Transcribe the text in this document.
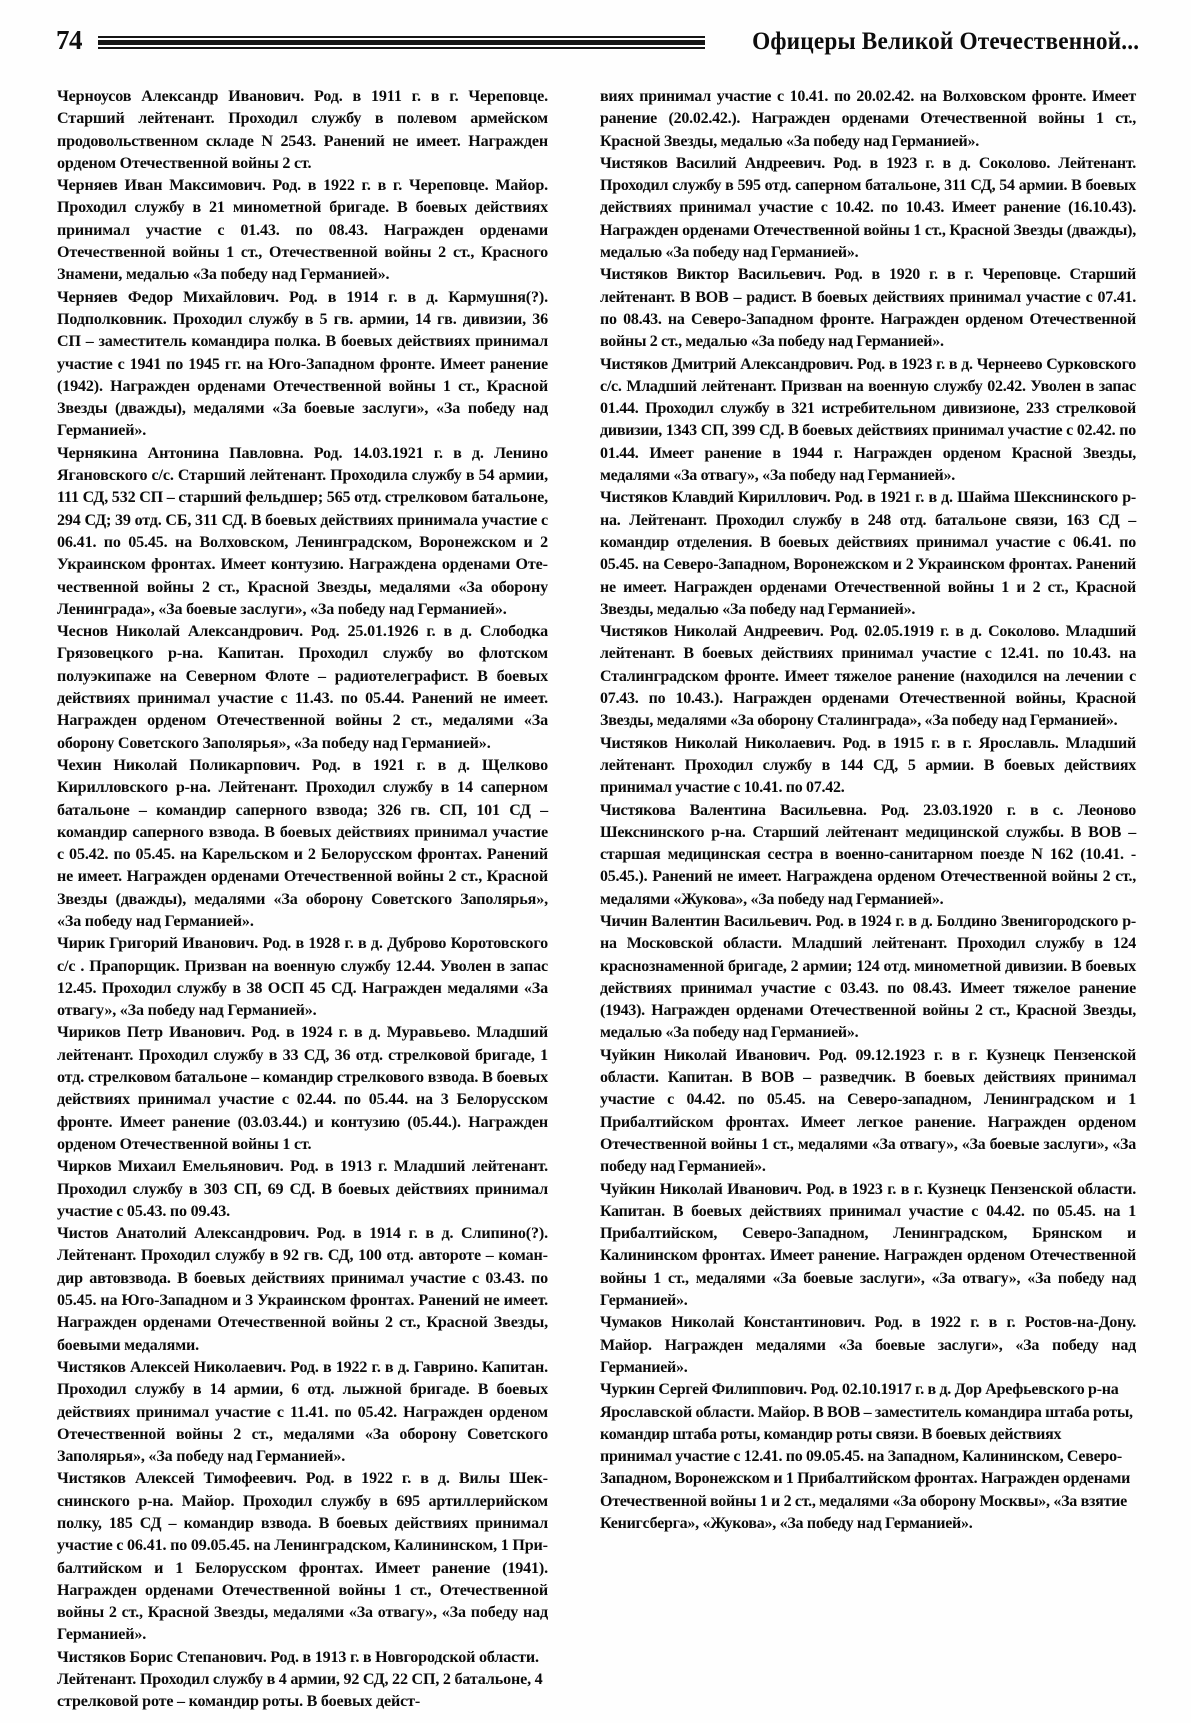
74	Офицеры Великой Отечественной...

Черноусов Александр Иванович. Род. в 1911 г. в г. Череповце. Старший лейтенант. Проходил службу в полевом армейском продовольственном складе N 2543. Ранений не имеет. Награжден орденом Отечественной войны 2 ст.

Черняев Иван Максимович. Род. в 1922 г. в г. Череповце. Майор. Проходил службу в 21 минометной бригаде. В боевых действиях принимал участие с 01.43. по 08.43. Награжден орденами Отечественной войны 1 ст., Отечественной войны 2 ст., Красного Знамени, медалью «За победу над Германией».

Черняев Федор Михайлович. Род. в 1914 г. в д. Кармушня(?). Подполковник. Проходил службу в 5 гв. армии, 14 гв. дивизии, 36 СП – заместитель командира полка. В боевых действиях принимал участие с 1941 по 1945 гг. на Юго-Западном фронте. Имеет ранение (1942). Награжден орденами Отечественной войны 1 ст., Красной Звезды (дважды), медалями «За боевые заслуги», «За победу над Германией».

Чернякина Антонина Павловна. Род. 14.03.1921 г. в д. Ленино Ягановского с/с. Старший лейтенант. Проходила службу в 54 армии, 111 СД, 532 СП – старший фельдшер; 565 отд. стрелковом батальоне, 294 СД; 39 отд. СБ, 311 СД. В боевых действиях принимала участие с 06.41. по 05.45. на Волховском, Ленинградском, Воронежском и 2 Украинском фронтах. Имеет контузию. Награждена орденами Отечественной войны 2 ст., Красной Звезды, медалями «За оборону Ленинграда», «За боевые заслуги», «За победу над Германией».

Чеснов Николай Александрович. Род. 25.01.1926 г. в д. Слободка Грязовецкого р-на. Капитан. Проходил службу во флотском полуэкипаже на Северном Флоте – радиотелеграфист. В боевых действиях принимал участие с 11.43. по 05.44. Ранений не имеет. Награжден орденом Отечественной войны 2 ст., медалями «За оборону Советского Заполярья», «За победу над Германией».

Чехин Николай Поликарпович. Род. в 1921 г. в д. Щелково Кирилловского р-на. Лейтенант. Проходил службу в 14 саперном батальоне – командир саперного взвода; 326 гв. СП, 101 СД – командир саперного взвода. В боевых действиях принимал участие с 05.42. по 05.45. на Карельском и 2 Белорусском фронтах. Ранений не имеет. Награжден орденами Отечественной войны 2 ст., Красной Звезды (дважды), медалями «За оборону Советского Заполярья», «За победу над Германией».

Чирик Григорий Иванович. Род. в 1928 г. в д. Дуброво Коротовского с/с . Прапорщик. Призван на военную службу 12.44. Уволен в запас 12.45. Проходил службу в 38 ОСП 45 СД. Награжден медалями «За отвагу», «За победу над Германией».

Чириков Петр Иванович. Род. в 1924 г. в д. Муравьево. Младший лейтенант. Проходил службу в 33 СД, 36 отд. стрелковой бригаде, 1 отд. стрелковом батальоне – командир стрелкового взвода. В боевых действиях принимал участие с 02.44. по 05.44. на 3 Белорусском фронте. Имеет ранение (03.03.44.) и контузию (05.44.). Награжден орденом Отечественной войны 1 ст.

Чирков Михаил Емельянович. Род. в 1913 г. Младший лейтенант. Проходил службу в 303 СП, 69 СД. В боевых действиях принимал участие с 05.43. по 09.43.

Чистов Анатолий Александрович. Род. в 1914 г. в д. Слипино(?). Лейтенант. Проходил службу в 92 гв. СД, 100 отд. автороте – командир автовзвода. В боевых действиях принимал участие с 03.43. по 05.45. на Юго-Западном и 3 Украинском фронтах. Ранений не имеет. Награжден орденами Отечественной войны 2 ст., Красной Звезды, боевыми медалями.

Чистяков Алексей Николаевич. Род. в 1922 г. в д. Гаврино. Капитан. Проходил службу в 14 армии, 6 отд. лыжной бригаде. В боевых действиях принимал участие с 11.41. по 05.42. Награжден орденом Отечественной войны 2 ст., медалями «За оборону Советского Заполярья», «За победу над Германией».

Чистяков Алексей Тимофеевич. Род. в 1922 г. в д. Вилы Шекснинского р-на. Майор. Проходил службу в 695 артиллерийском полку, 185 СД – командир взвода. В боевых действиях принимал участие с 06.41. по 09.05.45. на Ленинградском, Калининском, 1 Прибалтийском и 1 Белорусском фронтах. Имеет ранение (1941). Награжден орденами Отечественной войны 1 ст., Отечественной войны 2 ст., Красной Звезды, медалями «За отвагу», «За победу над Германией».

Чистяков Борис Степанович. Род. в 1913 г. в Новгородской области. Лейтенант. Проходил службу в 4 армии, 92 СД, 22 СП, 2 батальоне, 4 стрелковой роте – командир роты. В боевых дейст-

виях принимал участие с 10.41. по 20.02.42. на Волховском фронте. Имеет ранение (20.02.42.). Награжден орденами Отечественной войны 1 ст., Красной Звезды, медалью «За победу над Германией».

Чистяков Василий Андреевич. Род. в 1923 г. в д. Соколово. Лейтенант. Проходил службу в 595 отд. саперном батальоне, 311 СД, 54 армии. В боевых действиях принимал участие с 10.42. по 10.43. Имеет ранение (16.10.43). Награжден орденами Отечественной войны 1 ст., Красной Звезды (дважды), медалью «За победу над Германией».

Чистяков Виктор Васильевич. Род. в 1920 г. в г. Череповце. Старший лейтенант. В ВОВ – радист. В боевых действиях принимал участие с 07.41. по 08.43. на Северо-Западном фронте. Награжден орденом Отечественной войны 2 ст., медалью «За победу над Германией».

Чистяков Дмитрий Александрович. Род. в 1923 г. в д. Чернеево Сурковского с/с. Младший лейтенант. Призван на военную службу 02.42. Уволен в запас 01.44. Проходил службу в 321 истребительном дивизионе, 233 стрелковой дивизии, 1343 СП, 399 СД. В боевых действиях принимал участие с 02.42. по 01.44. Имеет ранение в 1944 г. Награжден орденом Красной Звезды, медалями «За отвагу», «За победу над Германией».

Чистяков Клавдий Кириллович. Род. в 1921 г. в д. Шайма Шекснинского р-на. Лейтенант. Проходил службу в 248 отд. батальоне связи, 163 СД – командир отделения. В боевых действиях принимал участие с 06.41. по 05.45. на Северо-Западном, Воронежском и 2 Украинском фронтах. Ранений не имеет. Награжден орденами Отечественной войны 1 и 2 ст., Красной Звезды, медалью «За победу над Германией».

Чистяков Николай Андреевич. Род. 02.05.1919 г. в д. Соколово. Младший лейтенант. В боевых действиях принимал участие с 12.41. по 10.43. на Сталинградском фронте. Имеет тяжелое ранение (находился на лечении с 07.43. по 10.43.). Награжден орденами Отечественной войны, Красной Звезды, медалями «За оборону Сталинграда», «За победу над Германией».

Чистяков Николай Николаевич. Род. в 1915 г. в г. Ярославль. Младший лейтенант. Проходил службу в 144 СД, 5 армии. В боевых действиях принимал участие с 10.41. по 07.42.

Чистякова Валентина Васильевна. Род. 23.03.1920 г. в с. Леоново Шекснинского р-на. Старший лейтенант медицинской службы. В ВОВ – старшая медицинская сестра в военно-санитарном поезде N 162 (10.41. - 05.45.). Ранений не имеет. Награждена орденом Отечественной войны 2 ст., медалями «Жукова», «За победу над Германией».

Чичин Валентин Васильевич. Род. в 1924 г. в д. Болдино Звенигородского р-на Московской области. Младший лейтенант. Проходил службу в 124 краснознаменной бригаде, 2 армии; 124 отд. минометной дивизии. В боевых действиях принимал участие с 03.43. по 08.43. Имеет тяжелое ранение (1943). Награжден орденами Отечественной войны 2 ст., Красной Звезды, медалью «За победу над Германией».

Чуйкин Николай Иванович. Род. 09.12.1923 г. в г. Кузнецк Пензенской области. Капитан. В ВОВ – разведчик. В боевых действиях принимал участие с 04.42. по 05.45. на Северо-западном, Ленинградском и 1 Прибалтийском фронтах. Имеет легкое ранение. Награжден орденом Отечественной войны 1 ст., медалями «За отвагу», «За боевые заслуги», «За победу над Германией».

Чуйкин Николай Иванович. Род. в 1923 г. в г. Кузнецк Пензенской области. Капитан. В боевых действиях принимал участие с 04.42. по 05.45. на 1 Прибалтийском, Северо-Западном, Ленинградском, Брянском и Калининском фронтах. Имеет ранение. Награжден орденом Отечественной войны 1 ст., медалями «За боевые заслуги», «За отвагу», «За победу над Германией».

Чумаков Николай Константинович. Род. в 1922 г. в г. Ростов-на-Дону. Майор. Награжден медалями «За боевые заслуги», «За победу над Германией».

Чуркин Сергей Филиппович. Род. 02.10.1917 г. в д. Дор Арефьевского р-на Ярославской области. Майор. В ВОВ – заместитель командира штаба роты, командир штаба роты, командир роты связи. В боевых действиях принимал участие с 12.41. по 09.05.45. на Западном, Калининском, Северо-Западном, Воронежском и 1 Прибалтийском фронтах. Награжден орденами Отечественной войны 1 и 2 ст., медалями «За оборону Москвы», «За взятие Кенигсберга», «Жукова», «За победу над Германией».
